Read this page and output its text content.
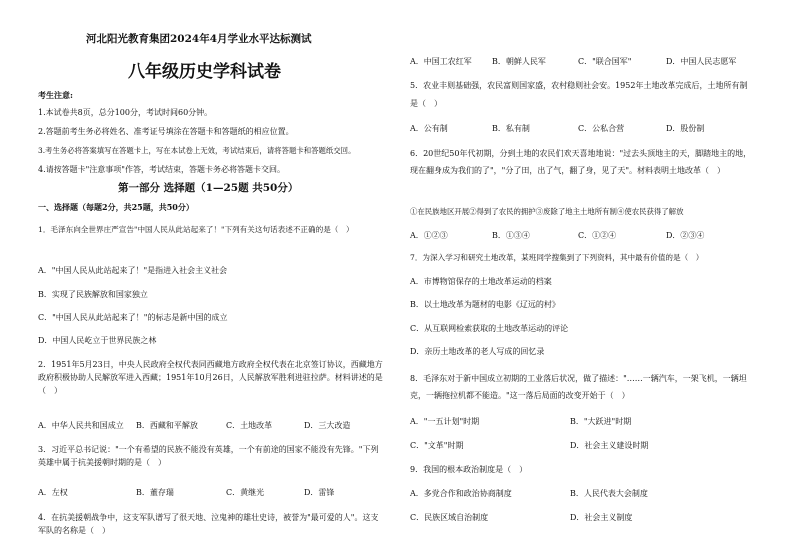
河北阳光教育集团2024年4月学业水平达标测试
八年级历史学科试卷
考生注意:
1.本试卷共8页，总分100分，考试时间60分钟。
2.答题前考生务必将姓名、准考证号填涂在答题卡和答题纸的相应位置。
3.考生务必将答案填写在答题卡上，写在本试卷上无效，考试结束后，请将答题卡和答题纸交回。
4.请按答题卡"注意事项"作答，考试结束，答题卡务必将答题卡交回。
第一部分 选择题（1—25题 共50分）
一、选择题（每题2分，共25题，共50分）
1．毛泽东向全世界庄严宣告"中国人民从此站起来了！"下列有关这句话表述不正确的是（　）
A．"中国人民从此站起来了！"是指进入社会主义社会
B．实现了民族解放和国家独立
C．"中国人民从此站起来了！"的标志是新中国的成立
D．中国人民屹立于世界民族之林
2．1951年5月23日，中央人民政府全权代表同西藏地方政府全权代表在北京签订协议，西藏地方政府积极协助人民解放军进入西藏；1951年10月26日，人民解放军胜利进驻拉萨。材料讲述的是（　）
A．中华人民共和国成立 B．西藏和平解放	C．土地改革	D．三大改造
3．习近平总书记说："一个有希望的民族不能没有英雄，一个有前途的国家不能没有先锋。"下列英雄中属于抗美援朝时期的是（　）
A．左权	B．董存瑞	C．黄继光	D．雷锋
4．在抗美援朝战争中，这支军队谱写了很天地、泣鬼神的雄壮史诗，被誉为"最可爱的人"。这支军队的名称是（　）
A．中国工农红军	B．朝鲜人民军	C．"联合国军"	D．中国人民志愿军
5．农业丰则基础强，农民富则国家盛，农村稳则社会安。1952年土地改革完成后，土地所有制是（　）
A．公有制	B．私有制	C．公私合营	D．股份制
6．20世纪50年代初期，分到土地的农民们欢天喜地地说："过去头顶地主的天，脚踏地主的地，现在翻身成为我们的了"，"分了田，出了气，翻了身，见了天"。材料表明土地改革（　）
①在民族地区开展②得到了农民的拥护③废除了地主土地所有制④使农民获得了解放
A．①②③	B．①③④	C．①②④	D．②③④
7．为深入学习和研究土地改革，某班同学搜集到了下列资料，其中最有价值的是（　）
A．市博物馆保存的土地改革运动的档案
B．以土地改革为题材的电影《辽远的村》
C．从互联网检索获取的土地改革运动的评论
D．亲历土地改革的老人写成的回忆录
8．毛泽东对于新中国成立初期的工业落后状况，做了描述："……一辆汽车，一架飞机，一辆坦克，一辆拖拉机都不能造。"这一落后局面的改变开始于（　）
A．"一五计划"时期	B．"大跃进"时期
C．"文革"时期	D．社会主义建设时期
9．我国的根本政治制度是（　）
A．多党合作和政治协商制度	B．人民代表大会制度
C．民族区域自治制度	D．社会主义制度
